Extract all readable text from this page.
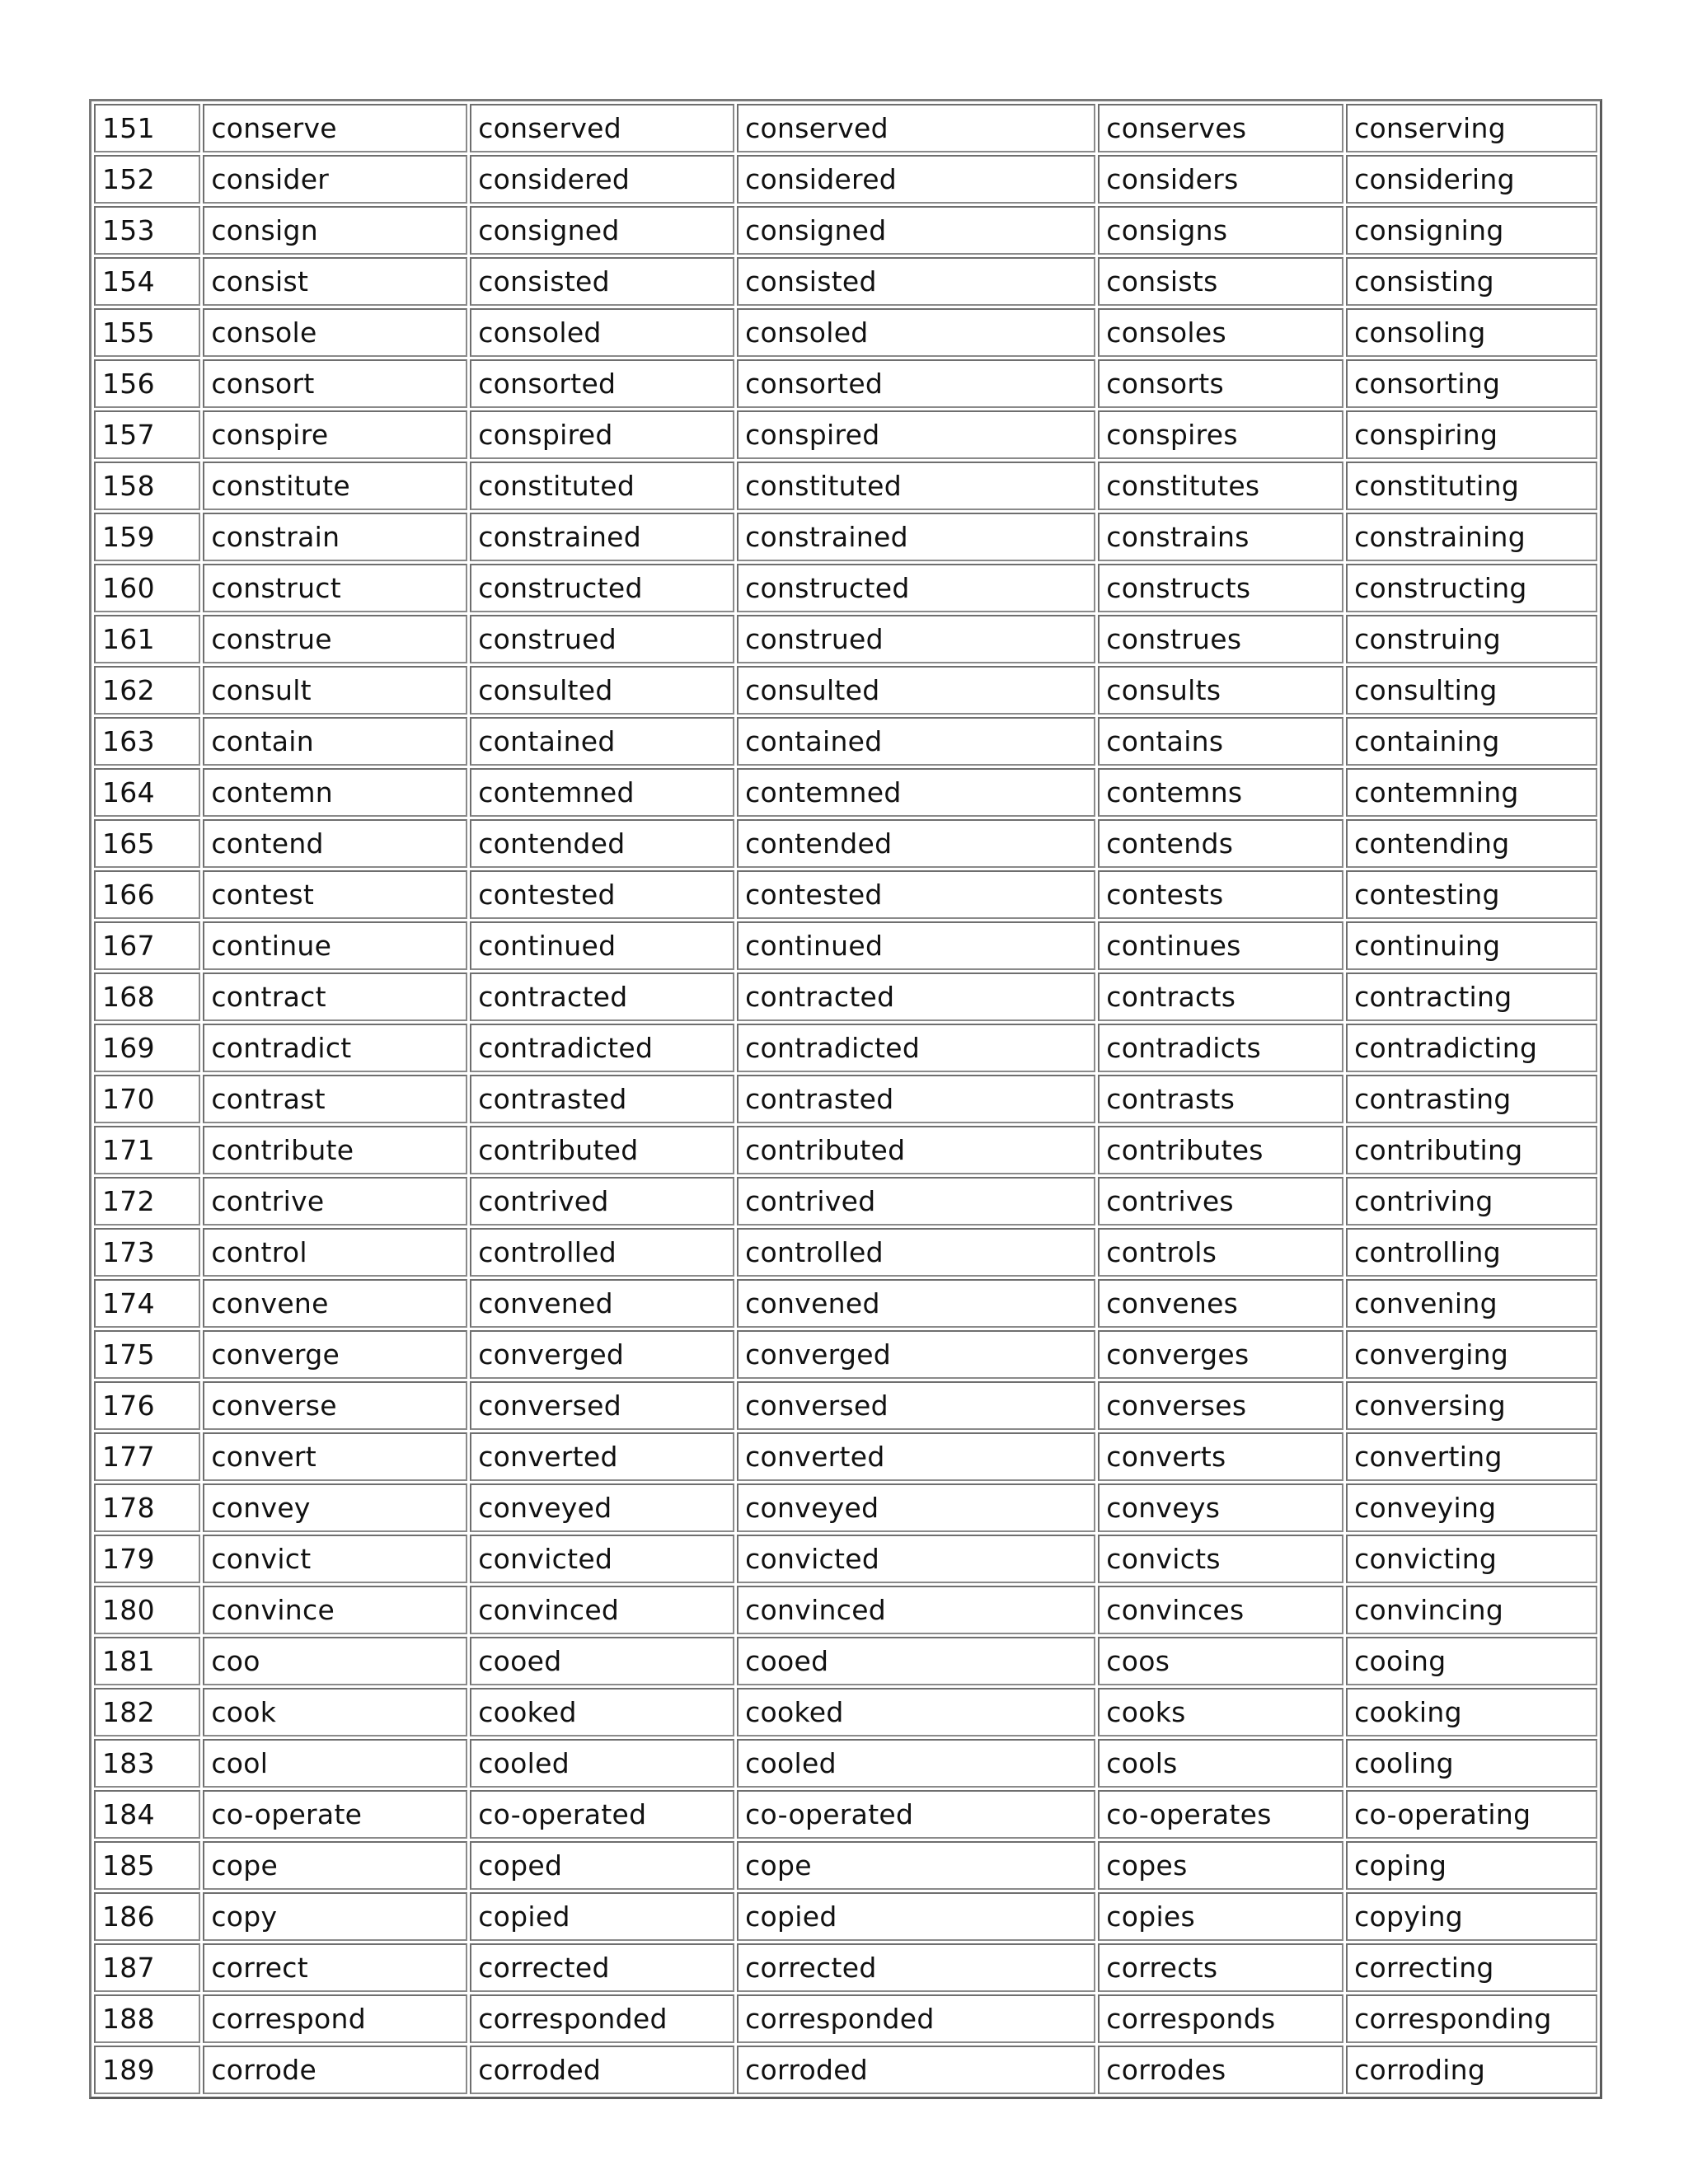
151	conserve	conserved	conserved	conserves	conserving
152	consider	considered	considered	considers	considering
153	consign	consigned	consigned	consigns	consigning
154	consist	consisted	consisted	consists	consisting
155	console	consoled	consoled	consoles	consoling
156	consort	consorted	consorted	consorts	consorting
157	conspire	conspired	conspired	conspires	conspiring
158	constitute	constituted	constituted	constitutes	constituting
159	constrain	constrained	constrained	constrains	constraining
160	construct	constructed	constructed	constructs	constructing
161	construe	construed	construed	construes	construing
162	consult	consulted	consulted	consults	consulting
163	contain	contained	contained	contains	containing
164	contemn	contemned	contemned	contemns	contemning
165	contend	contended	contended	contends	contending
166	contest	contested	contested	contests	contesting
167	continue	continued	continued	continues	continuing
168	contract	contracted	contracted	contracts	contracting
169	contradict	contradicted	contradicted	contradicts	contradicting
170	contrast	contrasted	contrasted	contrasts	contrasting
171	contribute	contributed	contributed	contributes	contributing
172	contrive	contrived	contrived	contrives	contriving
173	control	controlled	controlled	controls	controlling
174	convene	convened	convened	convenes	convening
175	converge	converged	converged	converges	converging
176	converse	conversed	conversed	converses	conversing
177	convert	converted	converted	converts	converting
178	convey	conveyed	conveyed	conveys	conveying
179	convict	convicted	convicted	convicts	convicting
180	convince	convinced	convinced	convinces	convincing
181	coo	cooed	cooed	coos	cooing
182	cook	cooked	cooked	cooks	cooking
183	cool	cooled	cooled	cools	cooling
184	co-operate	co-operated	co-operated	co-operates	co-operating
185	cope	coped	cope	copes	coping
186	copy	copied	copied	copies	copying
187	correct	corrected	corrected	corrects	correcting
188	correspond	corresponded	corresponded	corresponds	corresponding
189	corrode	corroded	corroded	corrodes	corroding
